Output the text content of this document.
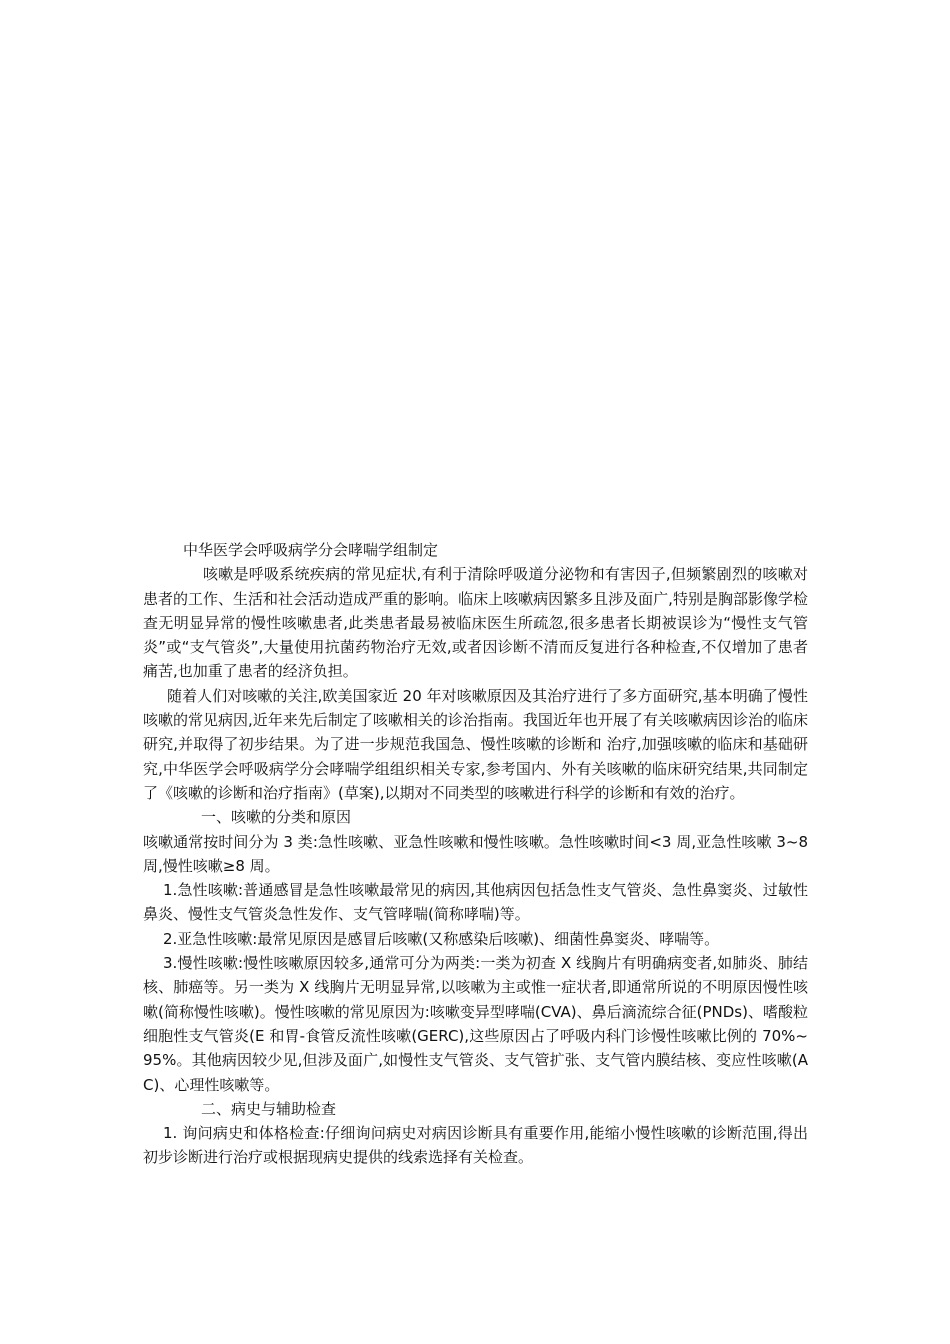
中华医学会呼吸病学分会哮喘学组制定

咳嗽是呼吸系统疾病的常见症状,有利于清除呼吸道分泌物和有害因子,但频繁剧烈的咳嗽对患者的工作、生活和社会活动造成严重的影响。临床上咳嗽病因繁多且涉及面广,特别是胸部影像学检查无明显异常的慢性咳嗽患者,此类患者最易被临床医生所疏忽,很多患者长期被误诊为“慢性支气管炎”或“支气管炎”,大量使用抗菌药物治疗无效,或者因诊断不清而反复进行各种检查,不仅增加了患者痛苦,也加重了患者的经济负担。

随着人们对咳嗽的关注,欧美国家近 20 年对咳嗽原因及其治疗进行了多方面研究,基本明确了慢性咳嗽的常见病因,近年来先后制定了咳嗽相关的诊治指南。我国近年也开展了有关咳嗽病因诊治的临床研究,并取得了初步结果。为了进一步规范我国急、慢性咳嗽的诊断和 治疗,加强咳嗽的临床和基础研究,中华医学会呼吸病学分会哮喘学组组织相关专家,参考国内、外有关咳嗽的临床研究结果,共同制定了《咳嗽的诊断和治疗指南》(草案),以期对不同类型的咳嗽进行科学的诊断和有效的治疗。

一、咳嗽的分类和原因

咳嗽通常按时间分为 3 类:急性咳嗽、亚急性咳嗽和慢性咳嗽。急性咳嗽时间<3 周,亚急性咳嗽 3~8 周,慢性咳嗽≥8 周。

1.急性咳嗽:普通感冒是急性咳嗽最常见的病因,其他病因包括急性支气管炎、急性鼻窦炎、过敏性鼻炎、慢性支气管炎急性发作、支气管哮喘(简称哮喘)等。

2.亚急性咳嗽:最常见原因是感冒后咳嗽(又称感染后咳嗽)、细菌性鼻窦炎、哮喘等。

3.慢性咳嗽:慢性咳嗽原因较多,通常可分为两类:一类为初查 X 线胸片有明确病变者,如肺炎、肺结核、肺癌等。另一类为 X 线胸片无明显异常,以咳嗽为主或惟一症状者,即通常所说的不明原因慢性咳嗽(简称慢性咳嗽)。慢性咳嗽的常见原因为:咳嗽变异型哮喘(CVA)、鼻后滴流综合征(PNDs)、嗜酸粒细胞性支气管炎(E 和胃-食管反流性咳嗽(GERC),这些原因占了呼吸内科门诊慢性咳嗽比例的 70%~95%。其他病因较少见,但涉及面广,如慢性支气管炎、支气管扩张、支气管内膜结核、变应性咳嗽(AC)、心理性咳嗽等。

二、病史与辅助检查

1. 询问病史和体格检查:仔细询问病史对病因诊断具有重要作用,能缩小慢性咳嗽的诊断范围,得出初步诊断进行治疗或根据现病史提供的线索选择有关检查。
